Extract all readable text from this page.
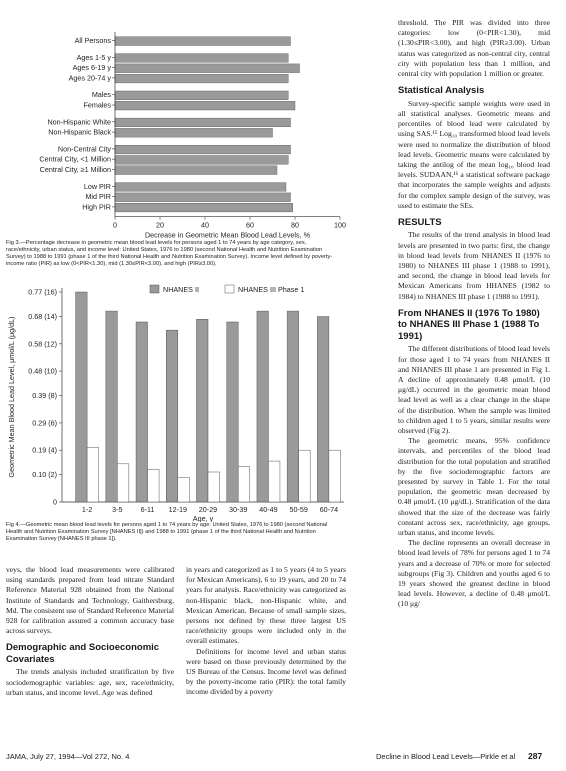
All Persons
Ages 1-5 y
Ages 6-19 y
Ages 20-74 y
Males
Females
Non-Hispanic White
Non-Hispanic Black
Non-Central City
Central City, <1 Million
Central City, ≥1 Million
Low PIR
Mid PIR
High PIR
0	20	40	60	80	100
Decrease in Geometric Mean Blood Lead Levels, %

Fig 3.—Percentage decrease in geometric mean blood lead levels for persons aged 1 to 74 years by age category, sex, race/ethnicity, urban status, and income level: United States, 1976 to 1980 (second National Health and Nutrition Examination Survey) to 1988 to 1991 (phase 1 of the third National Health and Nutrition Examination Survey). Income level defined by poverty-income ratio (PIR) as low (0<PIR<1.30), mid (1.30≤PIR<3.00), and high (PIR≥3.00).

0
0.10 (2)
0.19 (4)
0.29 (6)
0.39 (8)
0.48 (10)
0.58 (12)
0.68 (14)
0.77 (16)
1-2	3-5	6-11 12-19 20-29 30-39 40-49 50-59 60-74
Age, y
Geometric Mean Blood Lead Level, μmol/L (μg/dL)
NHANES II	NHANES III Phase 1

Fig 4.—Geometric mean blood lead levels for persons aged 1 to 74 years by age: United States, 1976 to 1980 (second National Health and Nutrition Examination Survey [NHANES II]) and 1988 to 1991 (phase 1 of the third National Health and Nutrition Examination Survey [NHANES III phase 1]).

threshold. The PIR was divided into three categories: low (0<PIR<1.30), mid (1.30≤PIR<3.00), and high (PIR≥3.00). Urban status was categorized as non-central city, central city with population less than 1 million, and central city with population 1 million or greater.

Statistical Analysis

Survey-specific sample weights were used in all statistical analyses. Geometric means and percentiles of blood lead were calculated by using SAS.¹⁵ Log₁₀ transformed blood lead levels were used to normalize the distribution of blood lead levels. Geometric means were calculated by taking the antilog of the mean log₁₀ blood lead levels. SUDAAN,¹⁶ a statistical software package that incorporates the sample weights and adjusts for the complex sample design of the survey, was used to estimate the SEs.

RESULTS

The results of the trend analysis in blood lead levels are presented in two parts: first, the change in blood lead levels from NHANES II (1976 to 1980) to NHANES III phase 1 (1988 to 1991), and second, the change in blood lead levels for Mexican Americans from HHANES (1982 to 1984) to NHANES III phase 1 (1988 to 1991).

From NHANES II (1976 To 1980) to NHANES III Phase 1 (1988 To 1991)

The different distributions of blood lead levels for those aged 1 to 74 years from NHANES II and NHANES III phase 1 are presented in Fig 1. A decline of approximately 0.48 μmol/L (10 μg/dL) occurred in the geometric mean blood lead level as well as a clear change in the shape of the distribution. When the sample was limited to children aged 1 to 5 years, similar results were observed (Fig 2).

The geometric means, 95% confidence intervals, and percentiles of the blood lead distribution for the total population and stratified by the five sociodemographic factors are presented by survey in Table 1. For the total population, the geometric mean decreased by 0.48 μmol/L (10 μg/dL). Stratification of the data showed that the size of the decrease was fairly constant across sex, race/ethnicity, age groups, urban status, and income levels.

The decline represents an overall decrease in blood lead levels of 78% for persons aged 1 to 74 years and a decrease of 70% or more for selected subgroups (Fig 3). Children and youths aged 6 to 19 years showed the greatest decline in blood lead levels. However, a decline of 0.48 μmol/L (10 μg/

veys, the blood lead measurements were calibrated using standards prepared from lead nitrate Standard Reference Material 928 obtained from the National Institute of Standards and Technology, Gaithersburg, Md. The consistent use of Standard Reference Material 928 for calibration assured a common accuracy base across surveys.

Demographic and Socioeconomic Covariates

The trends analysis included stratification by five sociodemographic variables: age, sex, race/ethnicity, urban status, and income level. Age was defined

in years and categorized as 1 to 5 years (4 to 5 years for Mexican Americans), 6 to 19 years, and 20 to 74 years for analysis. Race/ethnicity was categorized as non-Hispanic black, non-Hispanic white, and Mexican American. Because of small sample sizes, persons not defined by these three largest US race/ethnicity groups were included only in the overall estimates.

Definitions for income level and urban status were based on those previously determined by the US Bureau of the Census. Income level was defined by the poverty-income ratio (PIR): the total family income divided by a poverty

JAMA, July 27, 1994—Vol 272, No. 4	Decline in Blood Lead Levels—Pirkle et al 287
